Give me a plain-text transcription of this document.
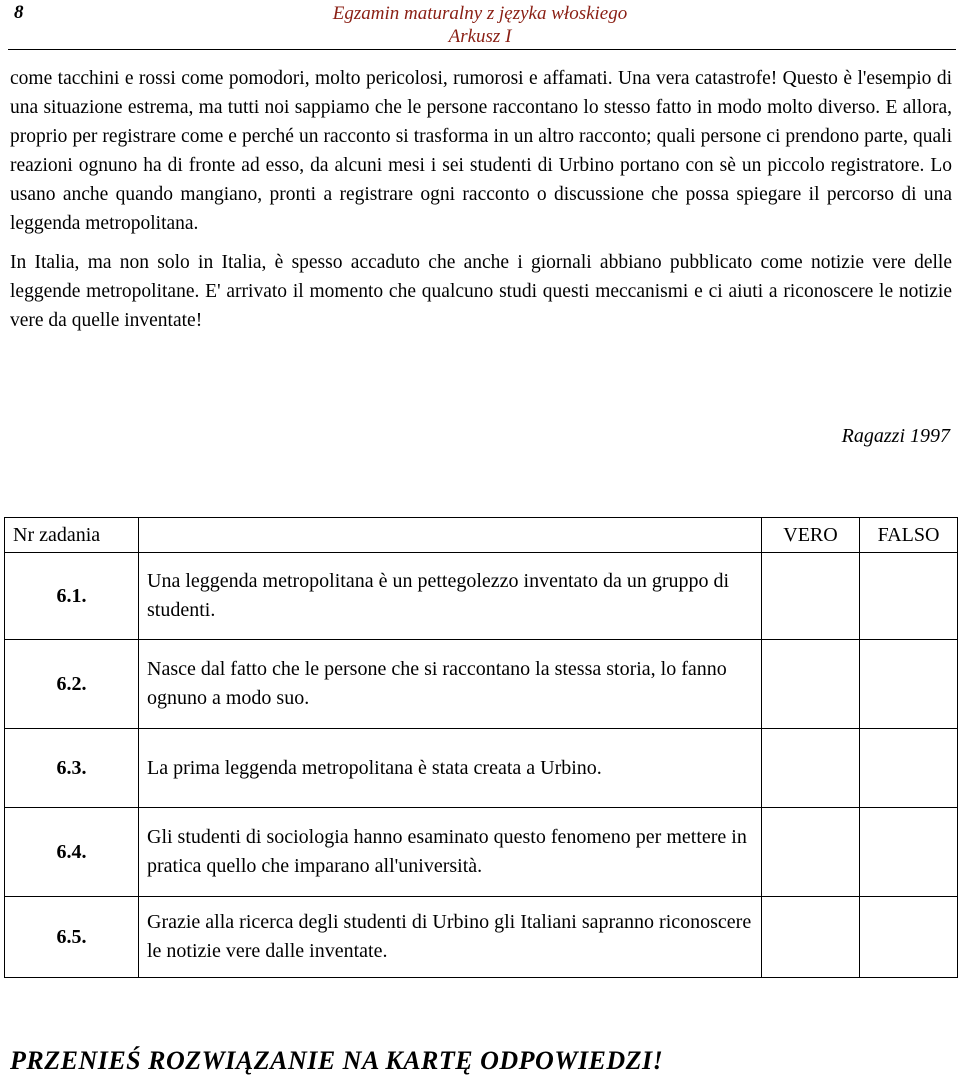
8	Egzamin maturalny z języka włoskiego
Arkusz I

come tacchini e rossi come pomodori, molto pericolosi, rumorosi e affamati. Una vera catastrofe! Questo è l'esempio di una situazione estrema, ma tutti noi sappiamo che le persone raccontano lo stesso fatto in modo molto diverso. E allora, proprio per registrare come e perché un racconto si trasforma in un altro racconto; quali persone ci prendono parte, quali reazioni ognuno ha di fronte ad esso, da alcuni mesi i sei studenti di Urbino portano con sè un piccolo registratore. Lo usano anche quando mangiano, pronti a registrare ogni racconto o discussione che possa spiegare il percorso di una leggenda metropolitana.

In Italia, ma non solo in Italia, è spesso accaduto che anche i giornali abbiano pubblicato come notizie vere delle leggende metropolitane. E' arrivato il momento che qualcuno studi questi meccanismi e ci aiuti a riconoscere le notizie vere da quelle inventate!

Ragazzi 1997
Nr zadania		VERO	FALSO
6.1.	Una leggenda metropolitana è un pettegolezzo inventato da un gruppo di studenti.		
6.2.	Nasce dal fatto che le persone che si raccontano la stessa storia, lo fanno ognuno a modo suo.		
6.3.	La prima leggenda metropolitana è stata creata a Urbino.		
6.4.	Gli studenti di sociologia hanno esaminato questo fenomeno per mettere in pratica quello che imparano all'università.		
6.5.	Grazie alla ricerca degli studenti di Urbino gli Italiani sapranno riconoscere le notizie vere dalle inventate.		
PRZENIEŚ ROZWIĄZANIE NA KARTĘ ODPOWIEDZI!
